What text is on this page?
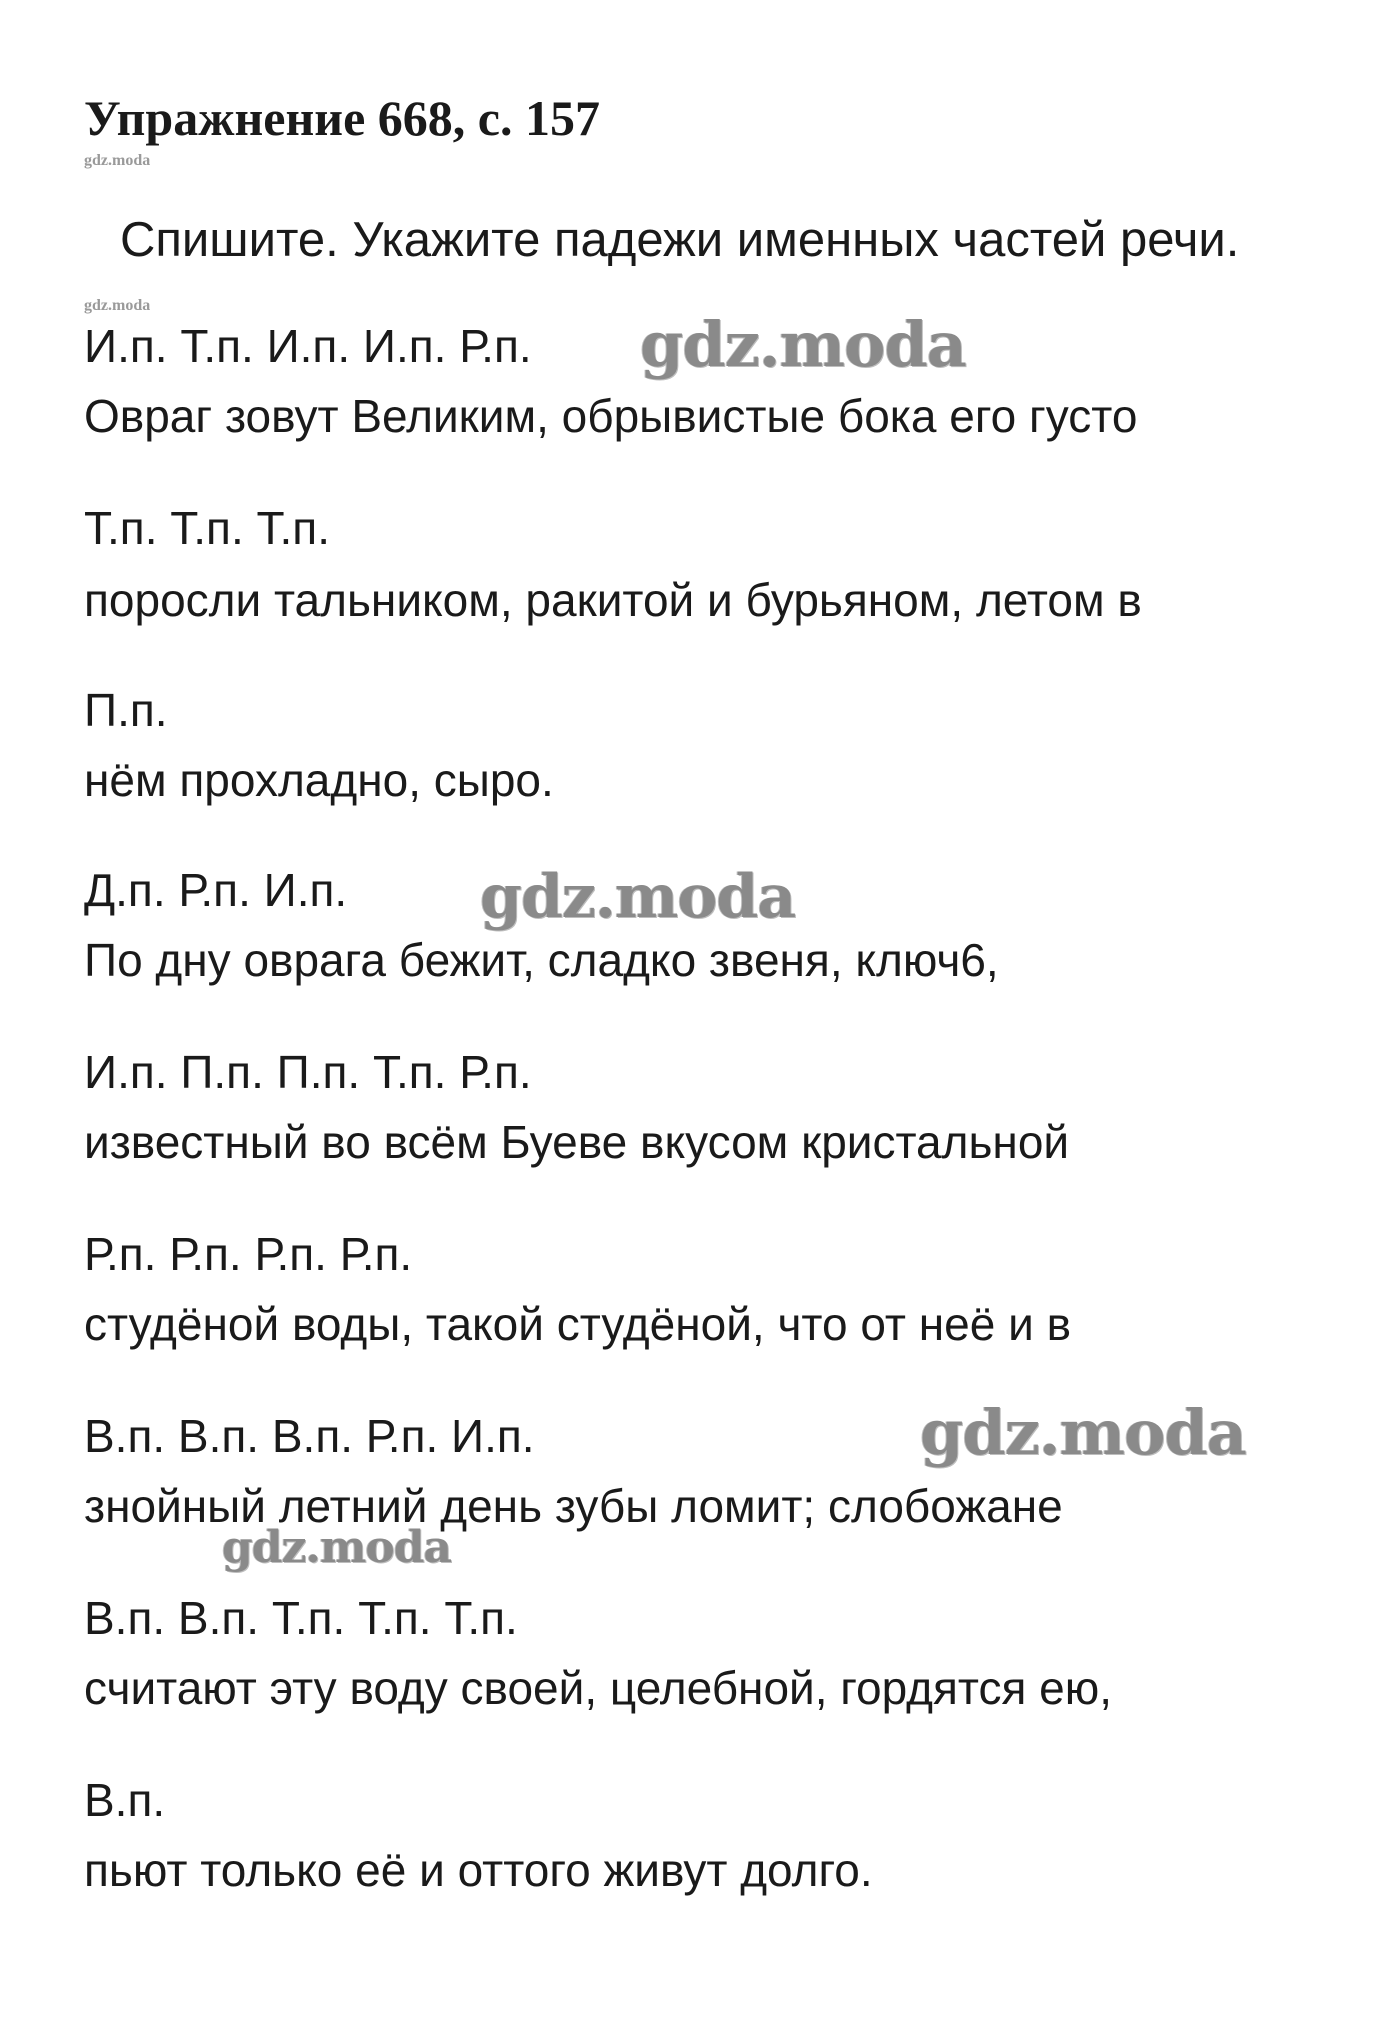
Упражнение 668, с. 157
gdz.moda
Спишите. Укажите падежи именных частей речи.
gdz.moda
И.п. Т.п. И.п. И.п. Р.п.
Овраг зовут Великим, обрывистые бока его густо
Т.п. Т.п. Т.п.
поросли тальником, ракитой и бурьяном, летом в
П.п.
нём прохладно, сыро.
Д.п. Р.п. И.п.
По дну оврага бежит, сладко звеня, ключ6,
И.п. П.п. П.п. Т.п. Р.п.
известный во всём Буеве вкусом кристальной
Р.п. Р.п. Р.п. Р.п.
студёной воды, такой студёной, что от неё и в
В.п. В.п. В.п. Р.п. И.п.
знойный летний день зубы ломит; слобожане
В.п. В.п. Т.п. Т.п. Т.п.
считают эту воду своей, целебной, гордятся ею,
В.п.
пьют только её и оттого живут долго.
gdz.moda
gdz.moda
gdz.moda
gdz.moda
